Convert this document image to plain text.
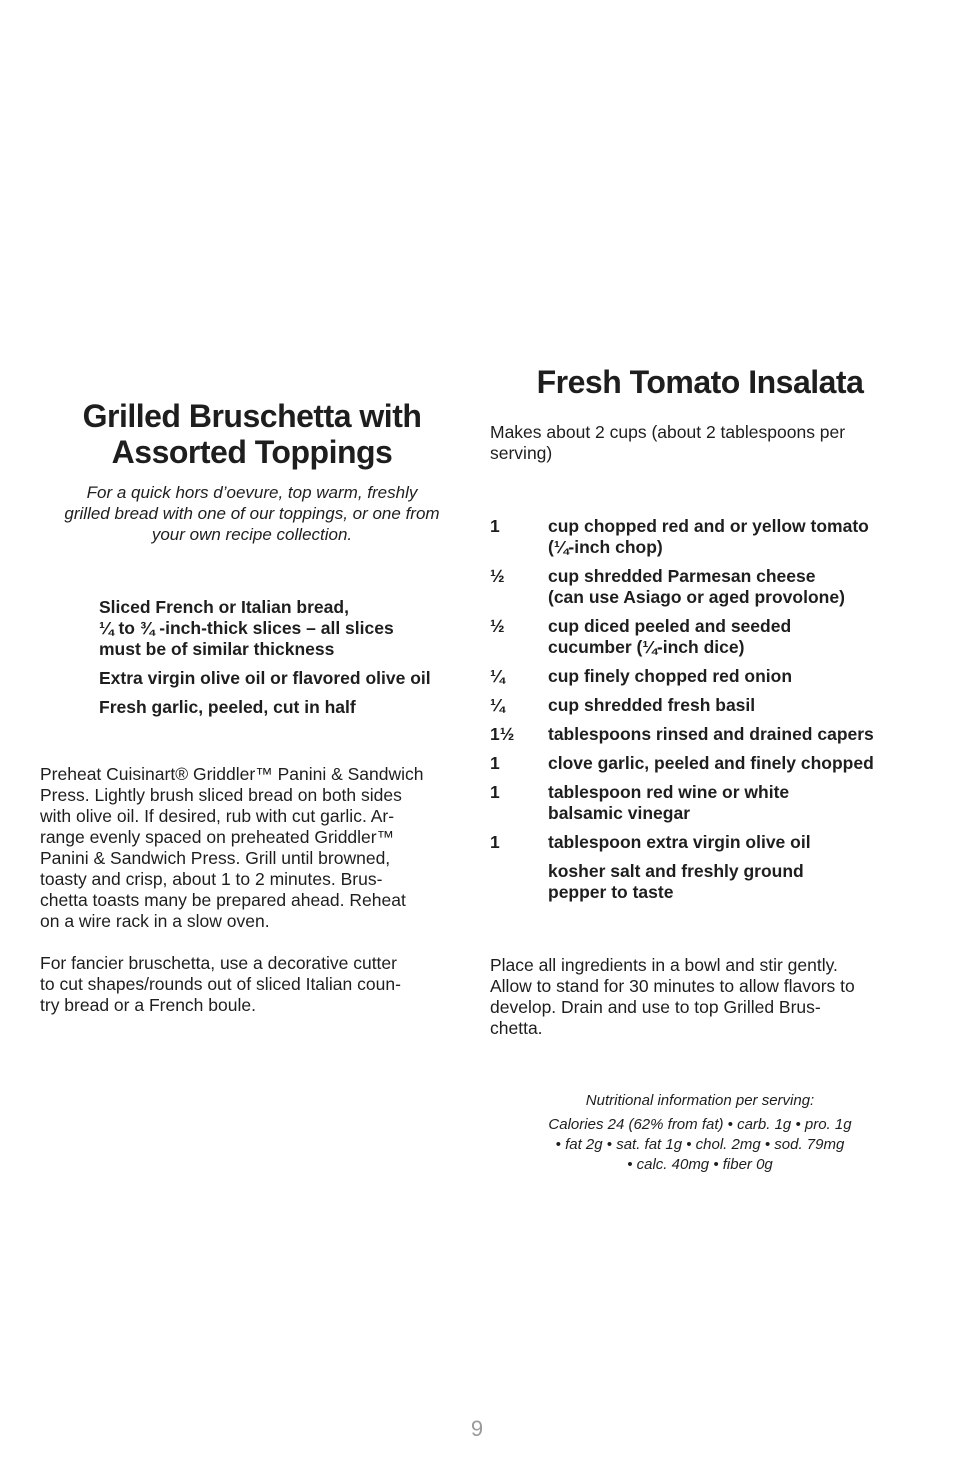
Grilled Bruschetta with
Assorted Toppings

For a quick hors d’oevure, top warm, freshly
grilled bread with one of our toppings, or one from
your own recipe collection.

Sliced French or Italian bread,
¼ to ¾ -inch-thick slices – all slices
must be of similar thickness
Extra virgin olive oil or flavored olive oil
Fresh garlic, peeled, cut in half

Preheat Cuisinart® Griddler™ Panini & Sandwich
Press. Lightly brush sliced bread on both sides
with olive oil. If desired, rub with cut garlic. Ar-
range evenly spaced on preheated Griddler™
Panini & Sandwich Press. Grill until browned,
toasty and crisp, about 1 to 2 minutes. Brus-
chetta toasts many be prepared ahead. Reheat
on a wire rack in a slow oven.

For fancier bruschetta, use a decorative cutter
to cut shapes/rounds out of sliced Italian coun-
try bread or a French boule.

Fresh Tomato Insalata
Makes about 2 cups (about 2 tablespoons per
serving)
1	cup chopped red and or yellow tomato
(¼-inch chop)
½	cup shredded Parmesan cheese
(can use Asiago or aged provolone)
½	cup diced peeled and seeded
cucumber (¼-inch dice)
¼	cup finely chopped red onion
¼	cup shredded fresh basil
1½	tablespoons rinsed and drained capers
1	clove garlic, peeled and finely chopped
1	tablespoon red wine or white
balsamic vinegar
1	tablespoon extra virgin olive oil
kosher salt and freshly ground
pepper to taste

Place all ingredients in a bowl and stir gently.
Allow to stand for 30 minutes to allow flavors to
develop. Drain and use to top Grilled Brus-
chetta.

Nutritional information per serving:
Calories 24 (62% from fat) • carb. 1g • pro. 1g
• fat 2g • sat. fat 1g • chol. 2mg • sod. 79mg
• calc. 40mg • fiber 0g
9
